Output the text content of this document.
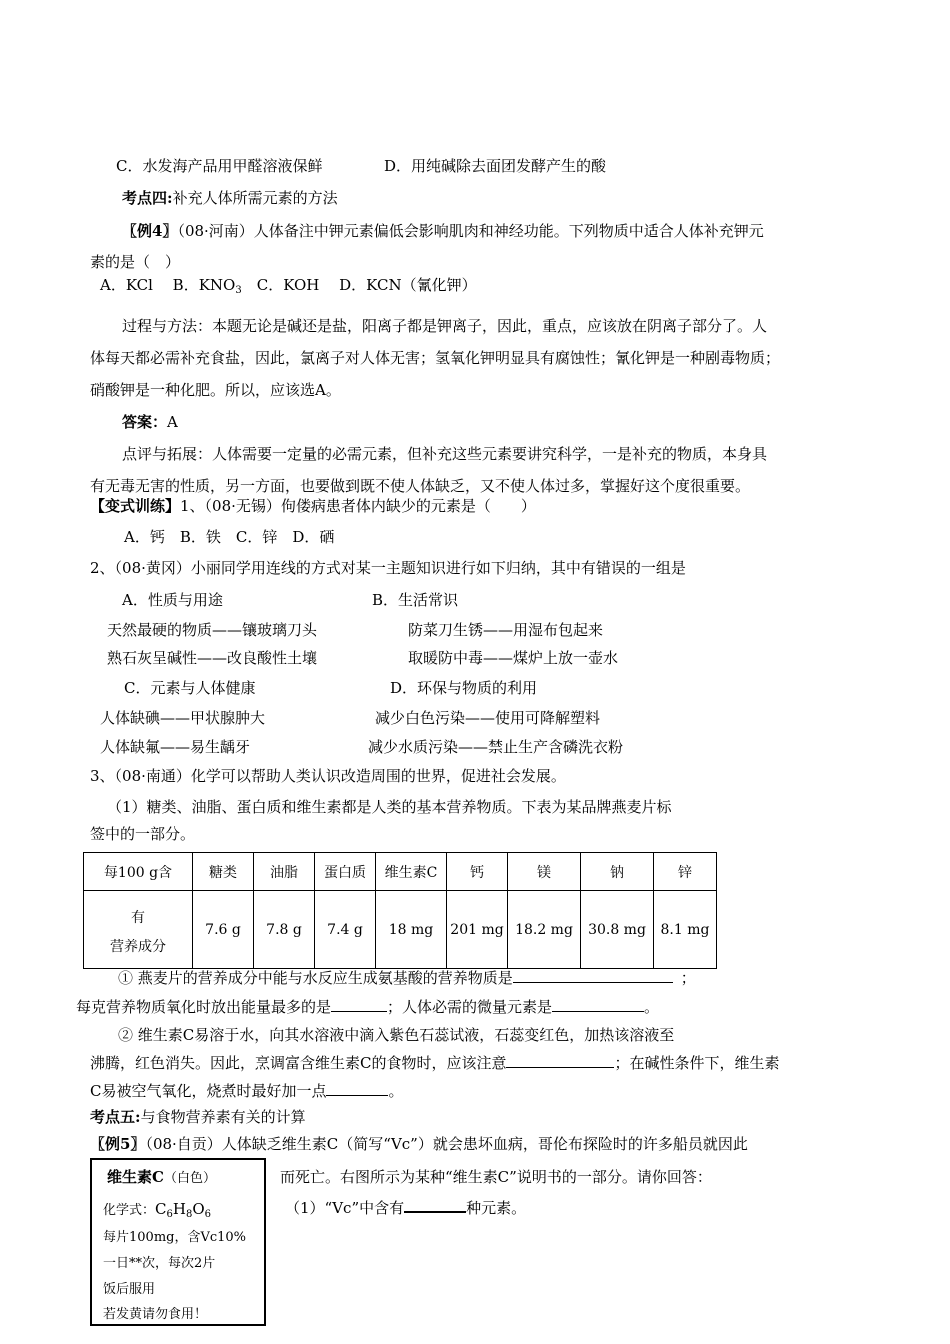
C．水发海产品用甲醛溶液保鲜	D．用纯碱除去面团发酵产生的酸
考点四:补充人体所需元素的方法
〖例4〗（08·河南）人体备注中钾元素偏低会影响肌肉和神经功能。下列物质中适合人体补充钾元
素的是（　）
A．KCl　 B．$KNO_3$　C．KOH　 D．KCN（氰化钾）
过程与方法：本题无论是碱还是盐，阳离子都是钾离子，因此，重点，应该放在阴离子部分了。人
体每天都必需补充食盐，因此，氯离子对人体无害；氢氧化钾明显具有腐蚀性；氰化钾是一种剧毒物质；
硝酸钾是一种化肥。所以，应该选A。
答案：A
点评与拓展：人体需要一定量的必需元素，但补充这些元素要讲究科学，一是补充的物质，本身具
有无毒无害的性质，另一方面，也要做到既不使人体缺乏，又不使人体过多，掌握好这个度很重要。
【变式训练】1、（08·无锡）佝偻病患者体内缺少的元素是（　　）
A．钙　B．铁　C．锌　D．硒
2、（08·黄冈）小丽同学用连线的方式对某一主题知识进行如下归纳，其中有错误的一组是
A．性质与用途	B．生活常识
天然最硬的物质——镶玻璃刀头	防菜刀生锈——用湿布包起来
熟石灰呈碱性——改良酸性土壤	取暖防中毒——煤炉上放一壶水
C．元素与人体健康	D．环保与物质的利用
人体缺碘——甲状腺肿大	减少白色污染——使用可降解塑料
人体缺氟——易生龋牙	减少水质污染——禁止生产含磷洗衣粉
3、（08·南通）化学可以帮助人类认识改造周围的世界，促进社会发展。
（1）糖类、油脂、蛋白质和维生素都是人类的基本营养物质。下表为某品牌燕麦片标
签中的一部分。
每100 g含	糖类	油脂	蛋白质	维生素C	钙	镁	钠	锌

有
营养成分	7.6 g	7.8 g	7.4 g	18 mg	201 mg	18.2 mg	30.8 mg	8.1 mg
① 燕麦片的营养成分中能与水反应生成氨基酸的营养物质是	；
每克营养物质氧化时放出能量最多的是	；人体必需的微量元素是	。
② 维生素C易溶于水，向其水溶液中滴入紫色石蕊试液，石蕊变红色，加热该溶液至
沸腾，红色消失。因此，烹调富含维生素C的食物时，应该注意	；在碱性条件下，维生素
C易被空气氧化，烧煮时最好加一点	。
考点五:与食物营养素有关的计算
〖例5〗（08·自贡）人体缺乏维生素C（简写“Vc”）就会患坏血病，哥伦布探险时的许多船员就因此
而死亡。右图所示为某种“维生素C”说明书的一部分。请你回答：
（1）“Vc”中含有	种元素。
维生素C（白色）
化学式：$C_6H_8O_6$
每片100mg，含Vc10%
一日**次，每次2片
饭后服用
若发黄请勿食用！
